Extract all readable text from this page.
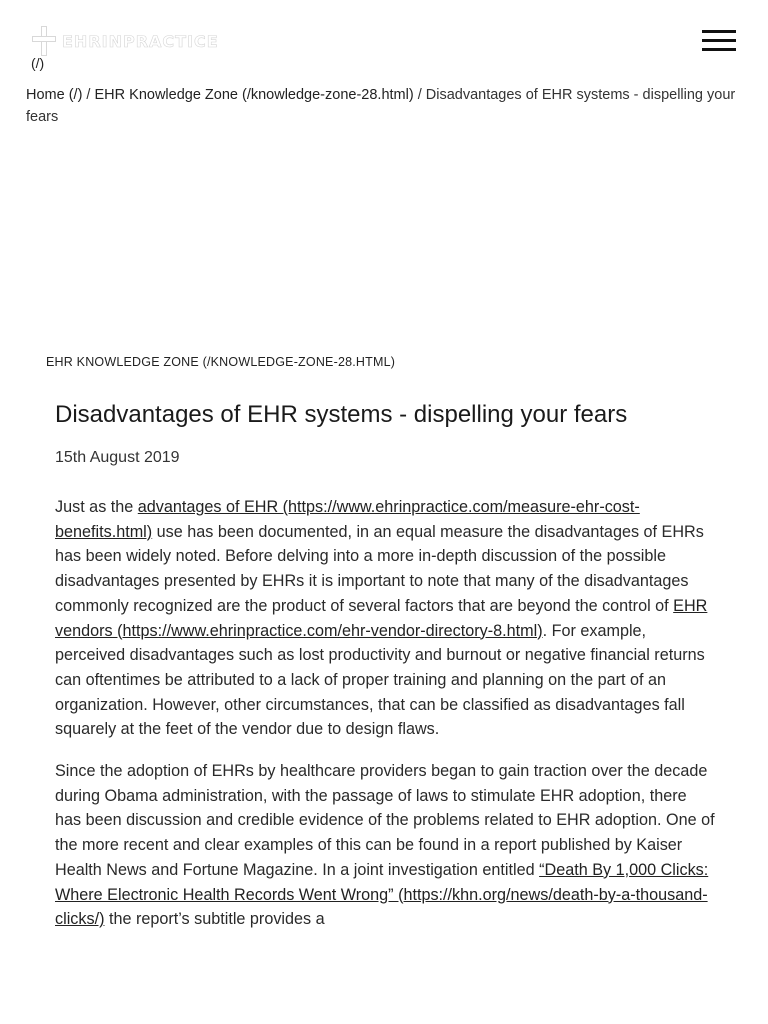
EHRINPRACTICE
(/)
Home (/) / EHR Knowledge Zone (/knowledge-zone-28.html) / Disadvantages of EHR systems - dispelling your fears
EHR KNOWLEDGE ZONE (/KNOWLEDGE-ZONE-28.HTML)
Disadvantages of EHR systems - dispelling your fears
15th August 2019

Just as the advantages of EHR (https://www.ehrinpractice.com/measure-ehr-cost-benefits.html) use has been documented, in an equal measure the disadvantages of EHRs has been widely noted. Before delving into a more in-depth discussion of the possible disadvantages presented by EHRs it is important to note that many of the disadvantages commonly recognized are the product of several factors that are beyond the control of EHR vendors (https://www.ehrinpractice.com/ehr-vendor-directory-8.html). For example, perceived disadvantages such as lost productivity and burnout or negative financial returns can oftentimes be attributed to a lack of proper training and planning on the part of an organization. However, other circumstances, that can be classified as disadvantages fall squarely at the feet of the vendor due to design flaws.

Since the adoption of EHRs by healthcare providers began to gain traction over the decade during Obama administration, with the passage of laws to stimulate EHR adoption, there has been discussion and credible evidence of the problems related to EHR adoption. One of the more recent and clear examples of this can be found in a report published by Kaiser Health News and Fortune Magazine. In a joint investigation entitled “Death By 1,000 Clicks: Where Electronic Health Records Went Wrong” (https://khn.org/news/death-by-a-thousand-clicks/) the report’s subtitle provides a
